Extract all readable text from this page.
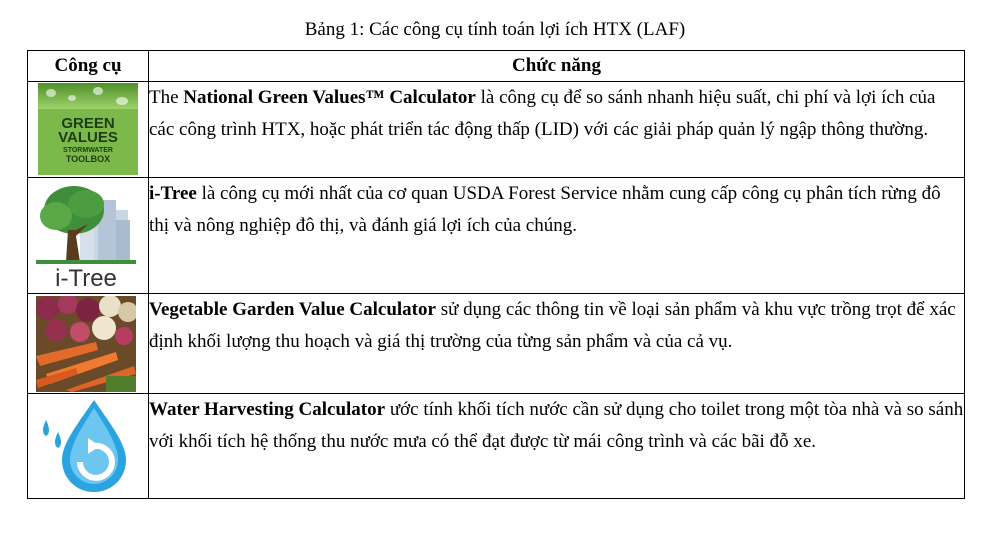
Bảng 1: Các công cụ tính toán lợi ích HTX (LAF)
Công cụ	Chức năng

GREEN
VALUES
STORMWATER
TOOLBOX	The National Green Values™ Calculator là công cụ để so sánh nhanh hiệu suất, chi phí và lợi ích của các công trình HTX, hoặc phát triển tác động thấp (LID) với các giải pháp quản lý ngập thông thường.

i-Tree	i-Tree là công cụ mới nhất của cơ quan USDA Forest Service nhằm cung cấp công cụ phân tích rừng đô thị và nông nghiệp đô thị, và đánh giá lợi ích của chúng.

	Vegetable Garden Value Calculator sử dụng các thông tin về loại sản phẩm và khu vực trồng trọt để xác định khối lượng thu hoạch và giá thị trường của từng sản phẩm và của cả vụ.

	Water Harvesting Calculator ước tính khối tích nước cần sử dụng cho toilet trong một tòa nhà và so sánh với khối tích hệ thống thu nước mưa có thể đạt được từ mái công trình và các bãi đỗ xe.
